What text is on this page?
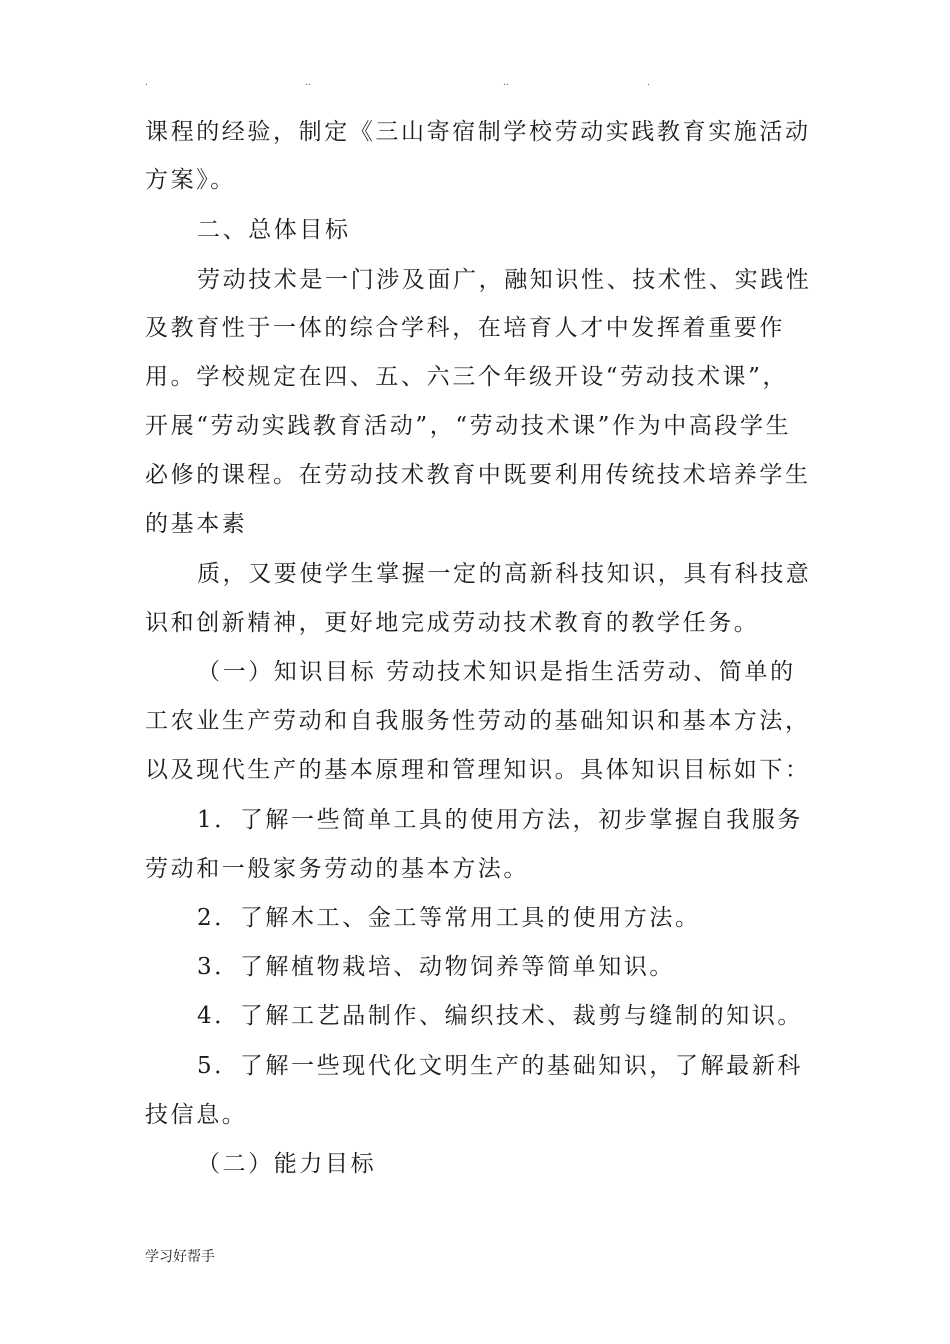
.	..	..	.
课程的经验，制定《三山寄宿制学校劳动实践教育实施活动
方案》。
二、总体目标
劳动技术是一门涉及面广，融知识性、技术性、实践性
及教育性于一体的综合学科，在培育人才中发挥着重要作
用。学校规定在四、五、六三个年级开设“劳动技术课”，
开展“劳动实践教育活动”，“劳动技术课”作为中高段学生
必修的课程。在劳动技术教育中既要利用传统技术培养学生
的基本素
质，又要使学生掌握一定的高新科技知识，具有科技意
识和创新精神，更好地完成劳动技术教育的教学任务。
（一）知识目标 劳动技术知识是指生活劳动、简单的
工农业生产劳动和自我服务性劳动的基础知识和基本方法，
以及现代生产的基本原理和管理知识。具体知识目标如下：
1．了解一些简单工具的使用方法，初步掌握自我服务
劳动和一般家务劳动的基本方法。
2．了解木工、金工等常用工具的使用方法。
3．了解植物栽培、动物饲养等简单知识。
4．了解工艺品制作、编织技术、裁剪与缝制的知识。
5．了解一些现代化文明生产的基础知识，了解最新科
技信息。
（二）能力目标
学习好帮手
